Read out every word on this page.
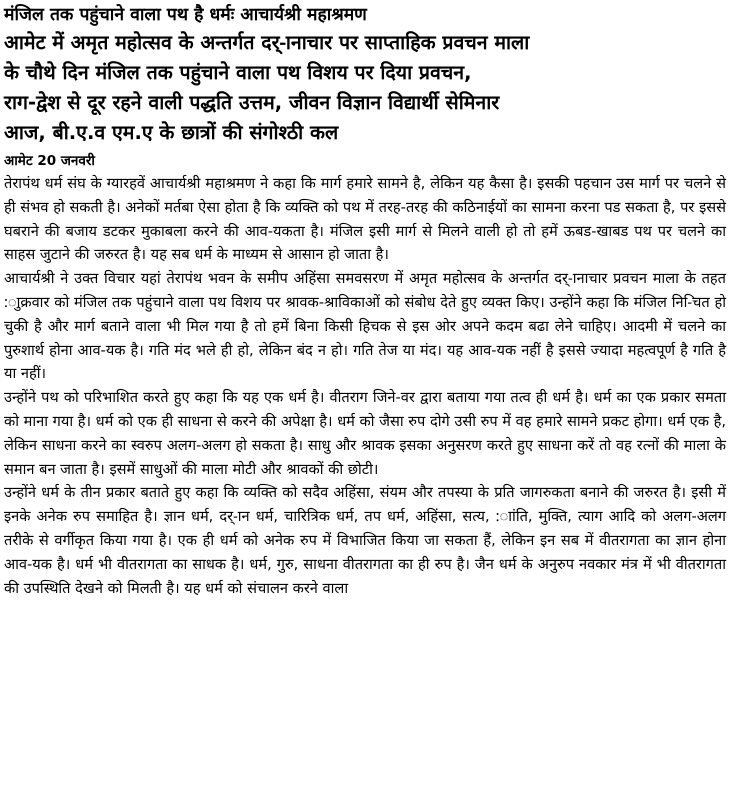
मंजिल तक पहुंचाने वाला पथ है धर्मः आचार्यश्री महाश्रमण

आमेट में अमृत महोत्सव के अन्तर्गत दर्-ानाचार पर साप्ताहिक प्रवचन माला

के चौथे दिन मंजिल तक पहुंचाने वाला पथ विशय पर दिया प्रवचन,

राग-द्वेश से दूर रहने वाली पद्धति उत्तम, जीवन विज्ञान विद्यार्थी सेमिनार

आज, बी.ए.व एम.ए के छात्रों की संगोश्ठी कल

आमेट 20 जनवरी

तेरापंथ धर्म संघ के ग्यारहवें आचार्यश्री महाश्रमण ने कहा कि मार्ग हमारे सामने है, लेकिन यह कैसा है। इसकी पहचान उस मार्ग पर चलने से ही संभव हो सकती है। अनेकों मर्तबा ऐसा होता है कि व्यक्ति को पथ में तरह-तरह की कठिनाईयों का सामना करना पड सकता है, पर इससे घबराने की बजाय डटकर मुकाबला करने की आव-यकता है। मंजिल इसी मार्ग से मिलने वाली हो तो हमें ऊबड-खाबड पथ पर चलने का साहस जुटाने की जरुरत है। यह सब धर्म के माध्यम से आसान हो जाता है।

आचार्यश्री ने उक्त विचार यहां तेरापंथ भवन के समीप अहिंसा समवसरण में अमृत महोत्सव के अन्तर्गत दर्-ानाचार प्रवचन माला के तहत :ाुक्रवार को मंजिल तक पहुंचाने वाला पथ विशय पर श्रावक-श्राविकाओं को संबोध देते हुए व्यक्त किए। उन्होंने कहा कि मंजिल नि-िचत हो चुकी है और मार्ग बताने वाला भी मिल गया है तो हमें बिना किसी हिचक से इस ओर अपने कदम बढा लेने चाहिए। आदमी में चलने का पुरुशार्थ होना आव-यक है। गति मंद भले ही हो, लेकिन बंद न हो। गति तेज या मंद। यह आव-यक नहीं है इससे ज्यादा महत्वपूर्ण है गति है या नहीं।

उन्होंने पथ को परिभाशित करते हुए कहा कि यह एक धर्म है। वीतराग जिने-वर द्वारा बताया गया तत्व ही धर्म है। धर्म का एक प्रकार समता को माना गया है। धर्म को एक ही साधना से करने की अपेक्षा है। धर्म को जैसा रुप दोगे उसी रुप में वह हमारे सामने प्रकट होगा। धर्म एक है, लेकिन साधना करने का स्वरुप अलग-अलग हो सकता है। साधु और श्रावक इसका अनुसरण करते हुए साधना करें तो वह रत्नों की माला के समान बन जाता है। इसमें साधुओं की माला मोटी और श्रावकों की छोटी।

उन्होंने धर्म के तीन प्रकार बताते हुए कहा कि व्यक्ति को सदैव अहिंसा, संयम और तपस्या के प्रति जागरुकता बनाने की जरुरत है। इसी में इनके अनेक रुप समाहित है। ज्ञान धर्म, दर्-ान धर्म, चारित्रिक धर्म, तप धर्म, अहिंसा, सत्य, :ाांति, मुक्ति, त्याग आदि को अलग-अलग तरीके से वर्गीकृत किया गया है। एक ही धर्म को अनेक रुप में विभाजित किया जा सकता हैं, लेकिन इन सब में वीतरागता का ज्ञान होना आव-यक है। धर्म भी वीतरागता का साधक है। धर्म, गुरु, साधना वीतरागता का ही रुप है। जैन धर्म के अनुरुप नवकार मंत्र में भी वीतरागता की उपस्थिति देखने को मिलती है। यह धर्म को संचालन करने वाला
